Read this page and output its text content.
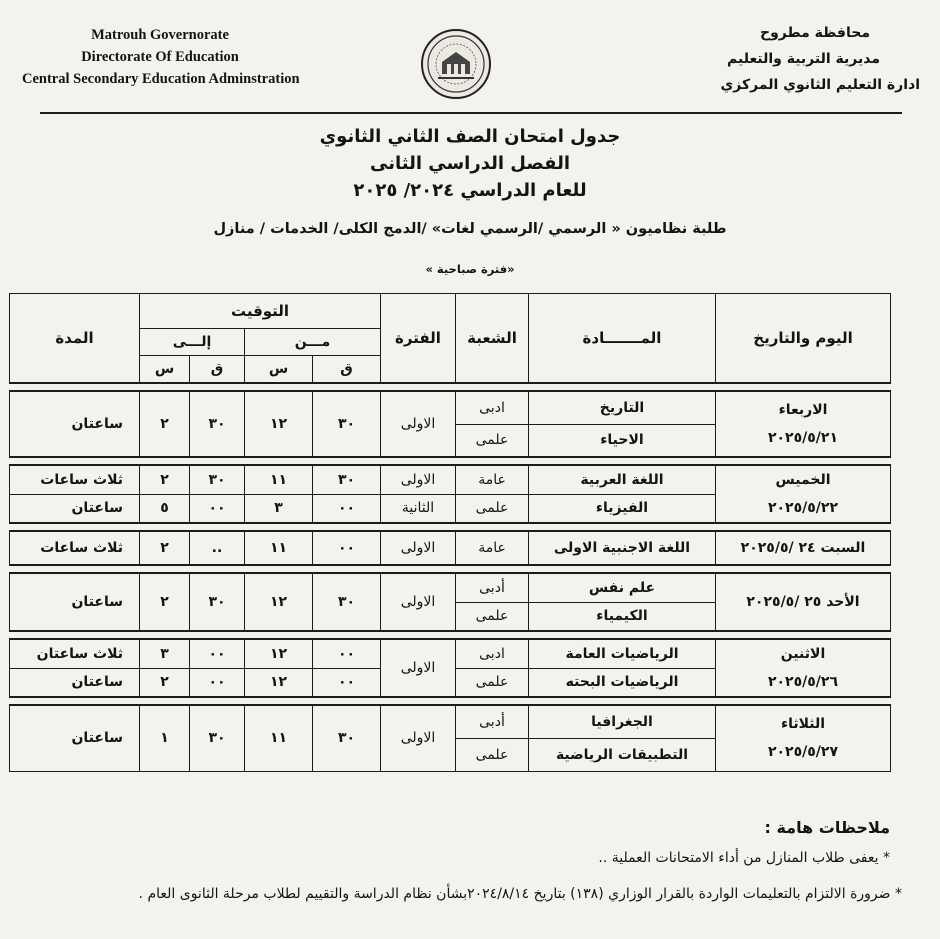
Matrouh Governorate
Directorate Of Education
Central Secondary Education Adminstration
محافظة مطروح
مديرية التربية والتعليم
ادارة التعليم الثانوي المركزي
جدول امتحان الصف الثاني الثانوي
الفصل الدراسي الثانى
للعام الدراسي ٢٠٢٤/ ٢٠٢٥
طلبة نظاميون « الرسمي /الرسمي لغات» /الدمج الكلى/ الخدمات / منازل
«فترة صباحية »
اليوم والتاريخ	المـــــــادة	الشعبة	الفترة	التوقيت				المدة
				مـــن		إلـــى		
				ق	س	ق	س	

الاربعاء
٢٠٢٥/٥/٢١	التاريخ	ادبى	الاولى	٣٠	١٢	٣٠	٢	ساعتان

	الاحياء	علمى						

الخميس
٢٠٢٥/٥/٢٢	اللغة العربية	عامة	الاولى	٣٠	١١	٣٠	٢	ثلاث ساعات

	الفيزياء	علمى	الثانية	٠٠	٣	٠٠	٥	ساعتان

السبت ٢٤ /٢٠٢٥/٥	اللغة الاجنبية الاولى	عامة	الاولى	٠٠	١١	..	٢	ثلاث ساعات

الأحد ٢٥ /٢٠٢٥/٥	علم نفس	أدبى	الاولى	٣٠	١٢	٣٠	٢	ساعتان

	الكيمياء	علمى						

الاثنين
٢٠٢٥/٥/٢٦	الرياضيات العامة	ادبى	الاولى	٠٠	١٢	٠٠	٣	ثلاث ساعتان

	الرياضيات البحته	علمى		٠٠	١٢	٠٠	٢	ساعتان

الثلاثاء
٢٠٢٥/٥/٢٧	الجغرافيا	أدبى	الاولى	٣٠	١١	٣٠	١	ساعتان

	التطبيقات الرياضية	علمى						
ملاحظات هامة :
* يعفى طلاب المنازل من أداء الامتحانات العملية ..
* ضرورة الالتزام بالتعليمات الواردة بالقرار الوزاري (١٣٨) بتاريخ ٢٠٢٤/٨/١٤بشأن نظام الدراسة والتقييم لطلاب مرحلة الثانوى العام .
